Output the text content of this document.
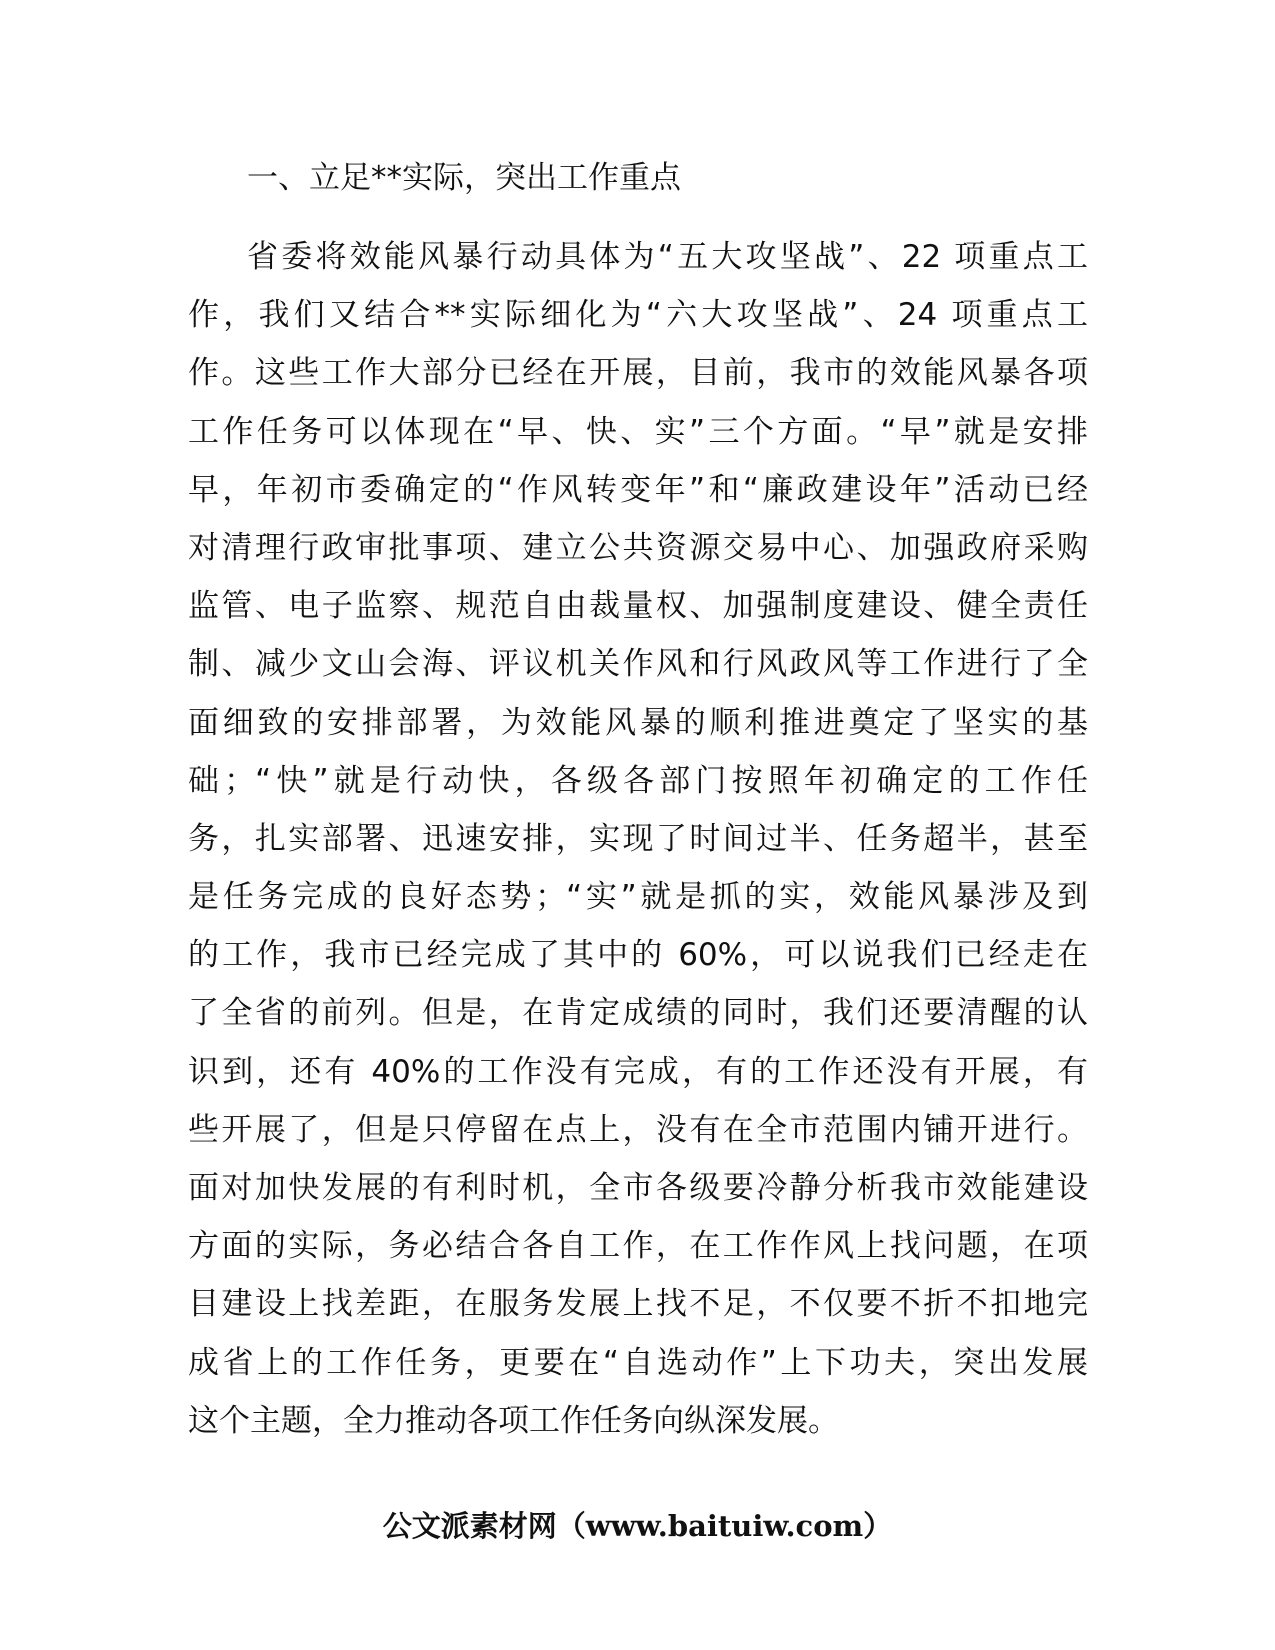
一、立足**实际，突出工作重点
省委将效能风暴行动具体为“五大攻坚战”、22 项重点工
作，我们又结合**实际细化为“六大攻坚战”、24 项重点工
作。这些工作大部分已经在开展，目前，我市的效能风暴各项
工作任务可以体现在“早、快、实”三个方面。“早”就是安排
早，年初市委确定的“作风转变年”和“廉政建设年”活动已经
对清理行政审批事项、建立公共资源交易中心、加强政府采购
监管、电子监察、规范自由裁量权、加强制度建设、健全责任
制、减少文山会海、评议机关作风和行风政风等工作进行了全
面细致的安排部署，为效能风暴的顺利推进奠定了坚实的基
础；“快”就是行动快，各级各部门按照年初确定的工作任
务，扎实部署、迅速安排，实现了时间过半、任务超半，甚至
是任务完成的良好态势；“实”就是抓的实，效能风暴涉及到
的工作，我市已经完成了其中的 60%，可以说我们已经走在
了全省的前列。但是，在肯定成绩的同时，我们还要清醒的认
识到，还有 40%的工作没有完成，有的工作还没有开展，有
些开展了，但是只停留在点上，没有在全市范围内铺开进行。
面对加快发展的有利时机，全市各级要冷静分析我市效能建设
方面的实际，务必结合各自工作，在工作作风上找问题，在项
目建设上找差距，在服务发展上找不足，不仅要不折不扣地完
成省上的工作任务，更要在“自选动作”上下功夫，突出发展
这个主题，全力推动各项工作任务向纵深发展。
公文派素材网（www.baituiw.com）
